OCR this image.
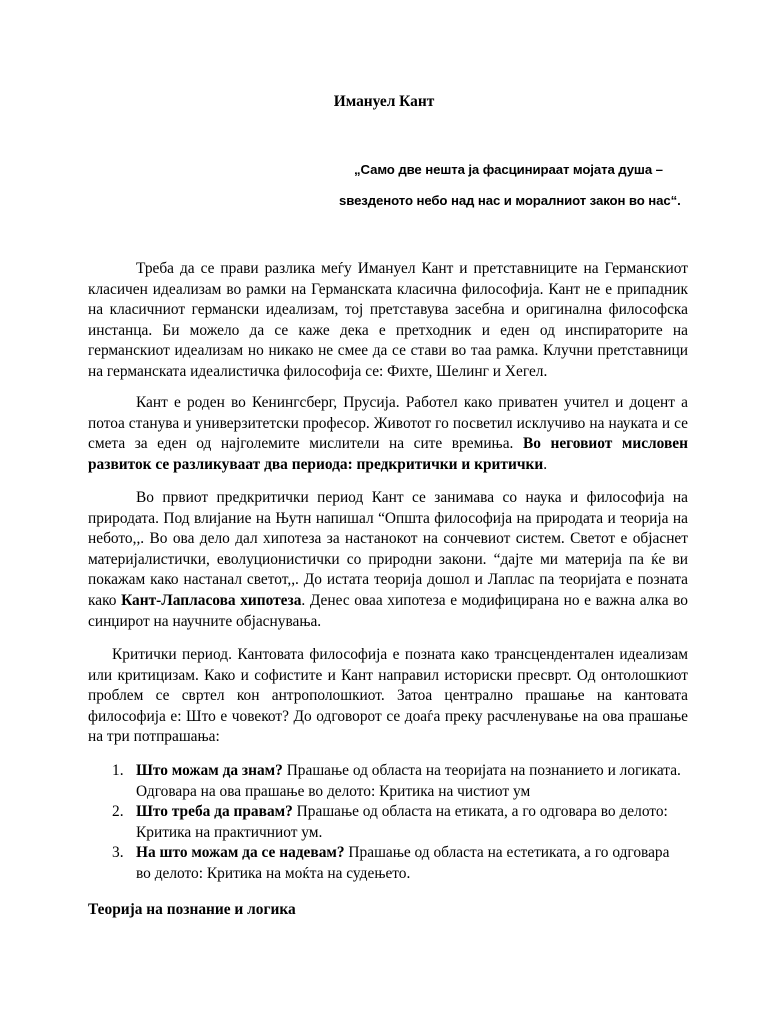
Имануел Кант
„Само две нешта ја фасцинираат мојата душа –
ѕвезденото небо над нас и моралниот закон во нас“.

Треба да се прави разлика меѓу Имануел Кант и претставниците на Германскиот класичен идеализам во рамки на Германската класична философија. Кант не е припадник на класичниот германски идеализам, тој претставува засебна и оригинална философска инстанца. Би можело да се каже дека е претходник и еден од инспираторите на германскиот идеализам но никако не смее да се стави во таа рамка. Клучни претставници на германската идеалистичка философија се: Фихте, Шелинг и Хегел.

Кант е роден во Кенингсберг, Прусија. Работел како приватен учител и доцент а потоа станува и универзитетски професор. Животот го посветил исклучиво на науката и се смета за еден од најголемите мислители на сите времиња. Во неговиот мисловен развиток се разликуваат два периода: предкритички и критички.

Во првиот предкритички период Кант се занимава со наука и философија на природата. Под влијание на Њутн напишал “Општа философија на природата и теорија на небото,,. Во ова дело дал хипотеза за настанокот на сончевиот систем. Светот е објаснет материјалистички, еволуционистички со природни закони. “дајте ми материја па ќе ви покажам како настанал светот,,. До истата теорија дошол и Лаплас па теоријата е позната како Кант-Лапласова хипотеза. Денес оваа хипотеза е модифицирана но е важна алка во синџирот на научните објаснувања.

Критички период. Кантовата философија е позната како трансцендентален идеализам или критицизам. Како и софистите и Кант направил историски пресврт. Од онтолошкиот проблем се свртел кон антрополошкиот. Затоа централно прашање на кантовата философија е: Што е човекот? До одговорот се доаѓа преку расчленување на ова прашање на три потпрашања:

1. Што можам да знам? Прашање од областа на теоријата на познанието и логиката. Одговара на ова прашање во делото: Критика на чистиот ум
2. Што треба да правам? Прашање од областа на етиката, а го одговара во делото: Критика на практичниот ум.
3. На што можам да се надевам? Прашање од областа на естетиката, а го одговара во делото: Критика на моќта на судењето.
Теорија на познание и логика
